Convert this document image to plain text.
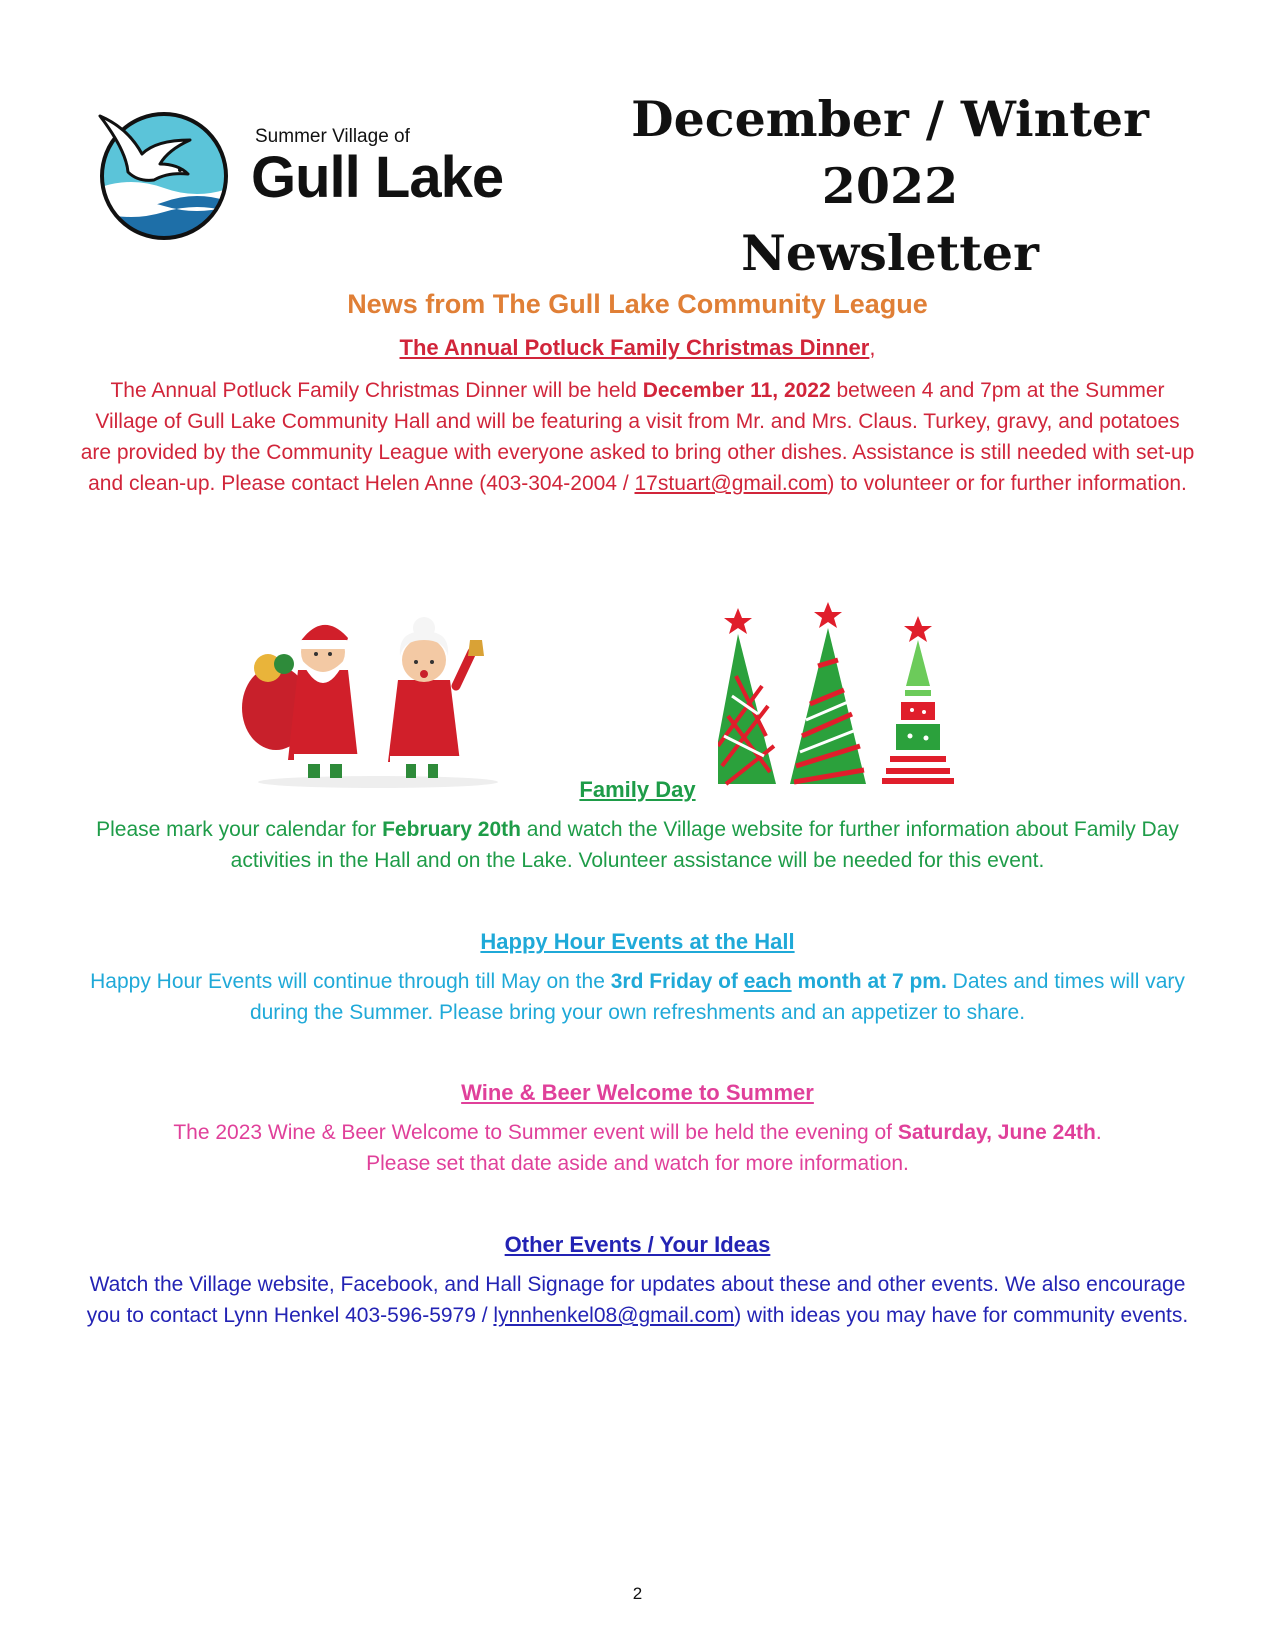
Summer Village of
Gull Lake
December / Winter 2022
Newsletter
News from The Gull Lake Community League
The Annual Potluck Family Christmas Dinner,
The Annual Potluck Family Christmas Dinner will be held December 11, 2022 between 4 and 7pm at the Summer Village of Gull Lake Community Hall and will be featuring a visit from Mr. and Mrs. Claus. Turkey, gravy, and potatoes are provided by the Community League with everyone asked to bring other dishes. Assistance is still needed with set-up and clean-up. Please contact Helen Anne (403-304-2004 / 17stuart@gmail.com) to volunteer or for further information.
Family Day
Please mark your calendar for February 20th and watch the Village website for further information about Family Day activities in the Hall and on the Lake. Volunteer assistance will be needed for this event.
Happy Hour Events at the Hall
Happy Hour Events will continue through till May on the 3rd Friday of each month at 7 pm. Dates and times will vary during the Summer. Please bring your own refreshments and an appetizer to share.
Wine & Beer Welcome to Summer
The 2023 Wine & Beer Welcome to Summer event will be held the evening of Saturday, June 24th. Please set that date aside and watch for more information.
Other Events / Your Ideas
Watch the Village website, Facebook, and Hall Signage for updates about these and other events. We also encourage you to contact Lynn Henkel 403-596-5979 / lynnhenkel08@gmail.com) with ideas you may have for community events.
2
